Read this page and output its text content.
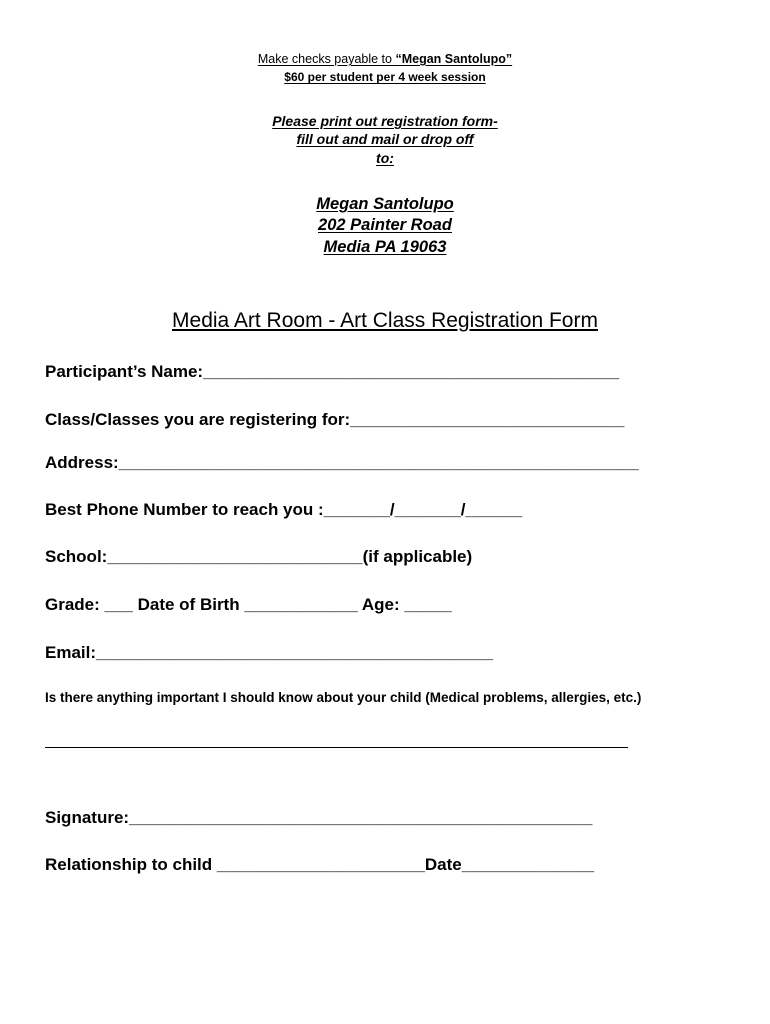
Make checks payable to “Megan Santolupo”
$60 per student per 4 week session
Please print out registration form-
fill out and mail or drop off
to:
Megan Santolupo
202 Painter Road
Media PA 19063
Media Art Room - Art Class Registration Form
Participant’s Name:____________________________________________
Class/Classes you are registering for:_____________________________
Address:_______________________________________________________
Best Phone Number to reach you :_______/_______/______
School:___________________________(if applicable)
Grade: ___ Date of Birth ____________ Age: _____
Email:__________________________________________
Is there anything important I should know about your child (Medical problems, allergies, etc.)
Signature:_________________________________________________
Relationship to child ______________________Date______________
